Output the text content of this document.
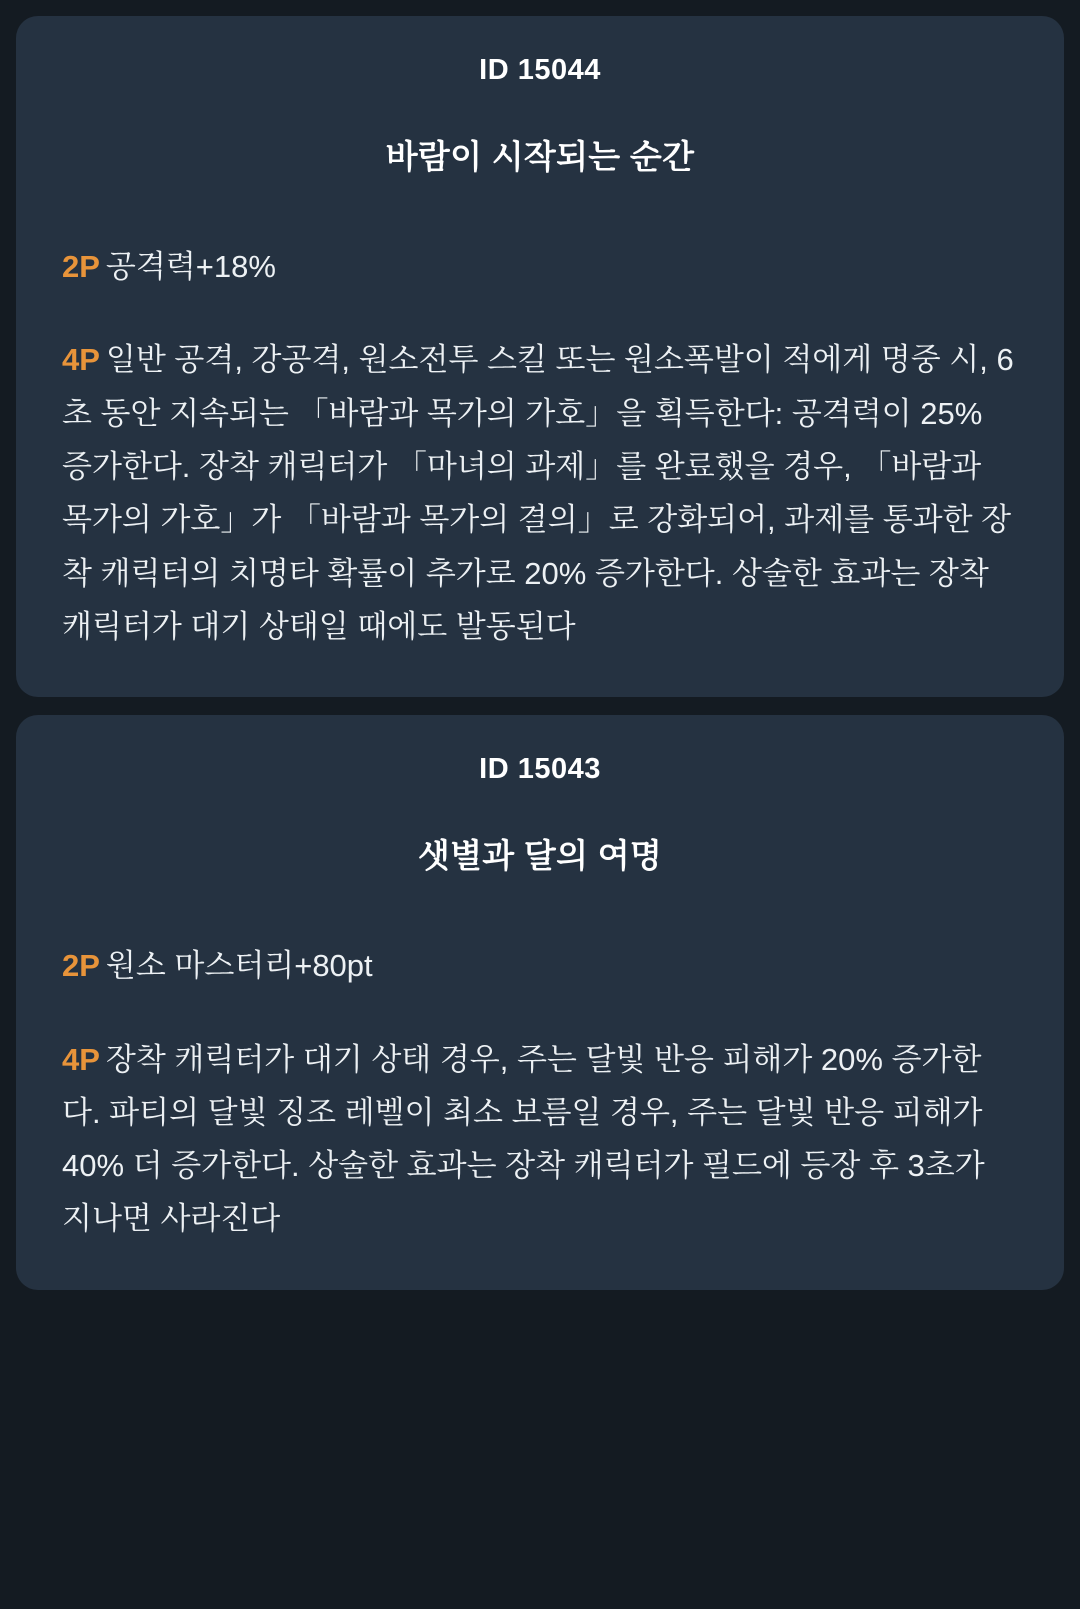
ID 15044
바람이 시작되는 순간
2P 공격력+18%
4P 일반 공격, 강공격, 원소전투 스킬 또는 원소폭발이 적에게 명중 시, 6초 동안 지속되는 「바람과 목가의 가호」을 획득한다: 공격력이 25% 증가한다. 장착 캐릭터가 「마녀의 과제」를 완료했을 경우, 「바람과 목가의 가호」가 「바람과 목가의 결의」로 강화되어, 과제를 통과한 장착 캐릭터의 치명타 확률이 추가로 20% 증가한다. 상술한 효과는 장착 캐릭터가 대기 상태일 때에도 발동된다
ID 15043
샛별과 달의 여명
2P 원소 마스터리+80pt
4P 장착 캐릭터가 대기 상태 경우, 주는 달빛 반응 피해가 20% 증가한다. 파티의 달빛 징조 레벨이 최소 보름일 경우, 주는 달빛 반응 피해가 40% 더 증가한다. 상술한 효과는 장착 캐릭터가 필드에 등장 후 3초가 지나면 사라진다
